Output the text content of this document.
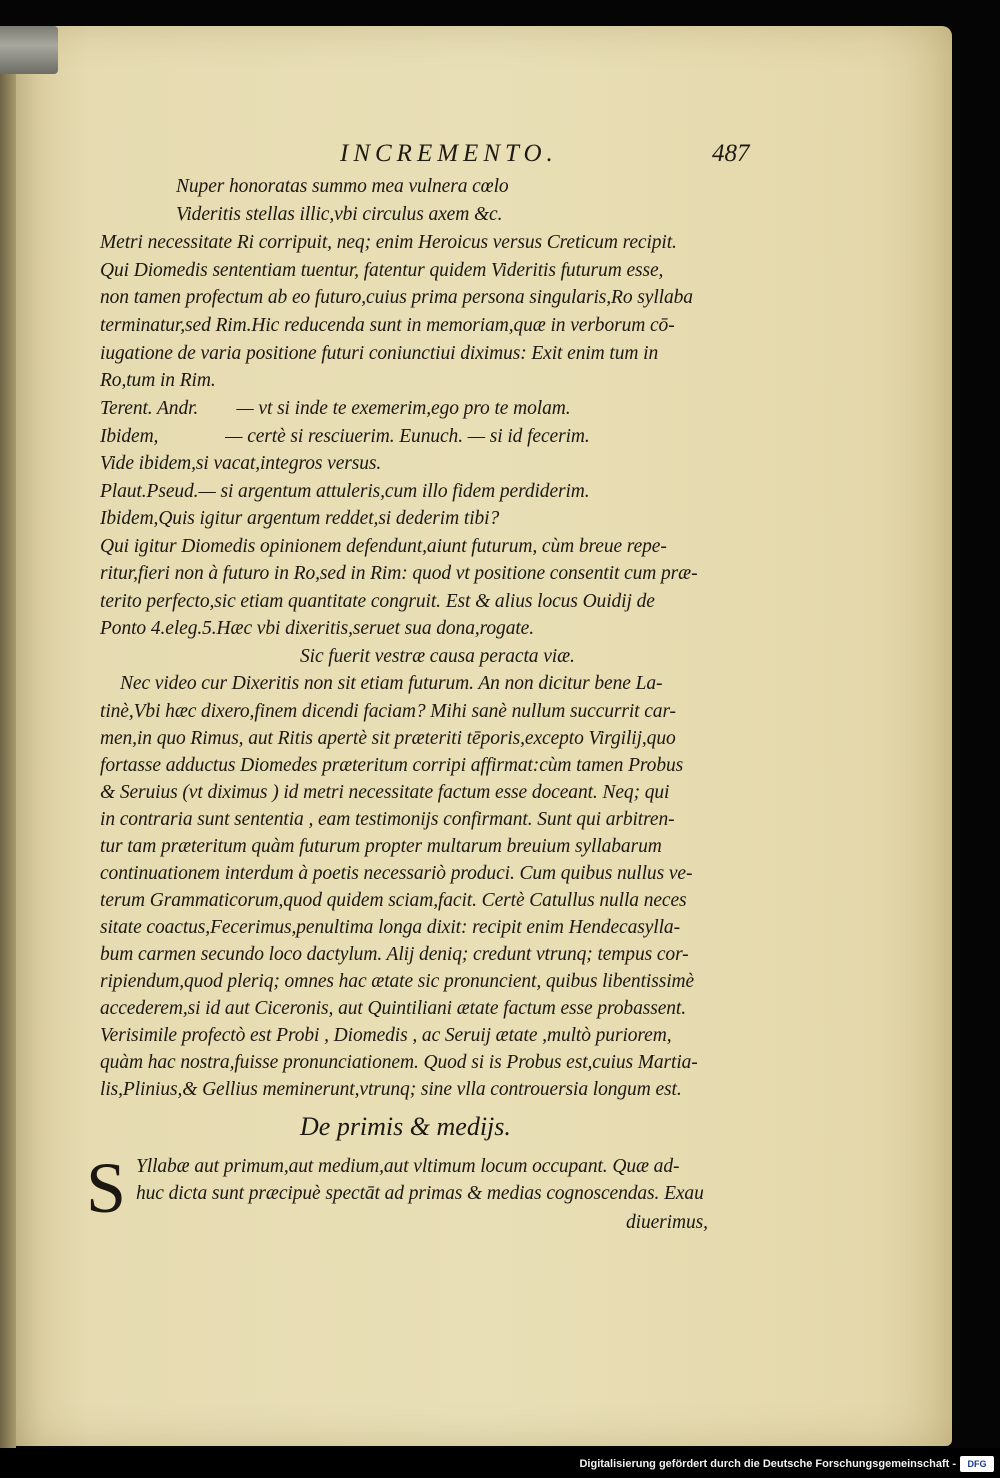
INCREMENTO.	487
Nuper honoratas summo mea vulnera cœlo
Videritis stellas illic,vbi circulus axem &c.
Metri necessitate Ri corripuit, neq; enim Heroicus versus Creticum recipit.
Qui Diomedis sententiam tuentur, fatentur quidem Videritis futurum esse,
non tamen profectum ab eo futuro,cuius prima persona singularis,Ro syllaba
terminatur,sed Rim.Hic reducenda sunt in memoriam,quæ in verborum cō-
iugatione de varia positione futuri coniunctiui diximus: Exit enim tum in
Ro,tum in Rim.
Terent. Andr.        — vt si inde te exemerim,ego pro te molam.
Ibidem,              — certè si resciuerim. Eunuch. — si id fecerim.
Vide ibidem,si vacat,integros versus.
Plaut.Pseud.— si argentum attuleris,cum illo fidem perdiderim.
Ibidem,Quis igitur argentum reddet,si dederim tibi?
Qui igitur Diomedis opinionem defendunt,aiunt futurum, cùm breue repe-
ritur,fieri non à futuro in Ro,sed in Rim: quod vt positione consentit cum præ-
terito perfecto,sic etiam quantitate congruit. Est & alius locus Ouidij de
Ponto 4.eleg.5.Hæc vbi dixeritis,seruet sua dona,rogate.
Sic fuerit vestræ causa peracta viæ.
Nec video cur Dixeritis non sit etiam futurum. An non dicitur bene La-
tinè,Vbi hæc dixero,finem dicendi faciam? Mihi sanè nullum succurrit car-
men,in quo Rimus, aut Ritis apertè sit præteriti tēporis,excepto Virgilij,quo
fortasse adductus Diomedes præteritum corripi affirmat:cùm tamen Probus
& Seruius (vt diximus ) id metri necessitate factum esse doceant. Neq; qui
in contraria sunt sententia , eam testimonijs confirmant. Sunt qui arbitren-
tur tam præteritum quàm futurum propter multarum breuium syllabarum
continuationem interdum à poetis necessariò produci. Cum quibus nullus ve-
terum Grammaticorum,quod quidem sciam,facit. Certè Catullus nulla neces
sitate coactus,Fecerimus,penultima longa dixit: recipit enim Hendecasylla-
bum carmen secundo loco dactylum. Alij deniq; credunt vtrunq; tempus cor-
ripiendum,quod pleriq; omnes hac ætate sic pronuncient, quibus libentissimè
accederem,si id aut Ciceronis, aut Quintiliani ætate factum esse probassent.
Verisimile profectò est Probi , Diomedis , ac Seruij ætate ,multò puriorem,
quàm hac nostra,fuisse pronunciationem. Quod si is Probus est,cuius Martia-
lis,Plinius,& Gellius meminerunt,vtrunq; sine vlla controuersia longum est.
De primis & medijs.
S Yllabæ aut primum,aut medium,aut vltimum locum occupant. Quæ ad-
huc dicta sunt præcipuè spectāt ad primas & medias cognoscendas. Exau
diuerimus,
Digitalisierung gefördert durch die Deutsche Forschungsgemeinschaft -	DFG
